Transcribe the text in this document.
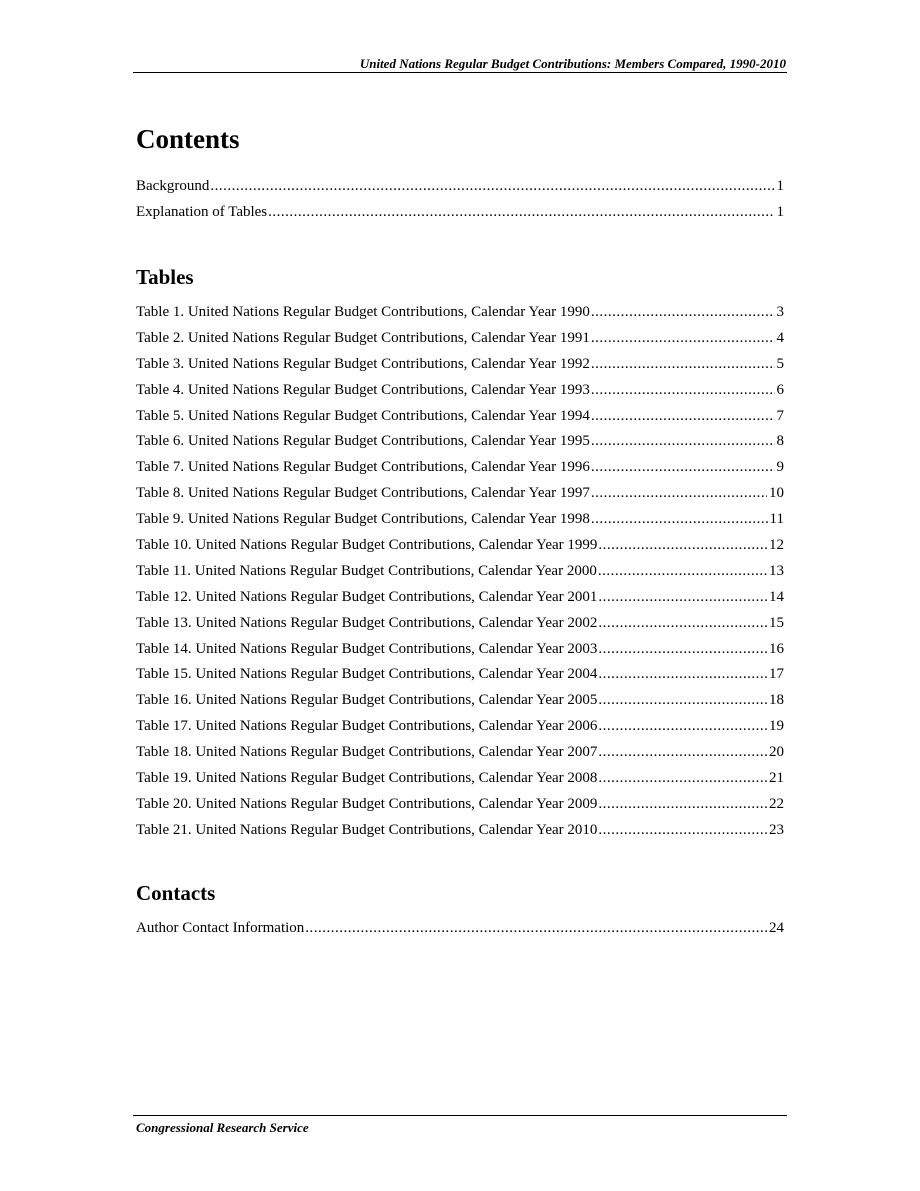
United Nations Regular Budget Contributions: Members Compared, 1990-2010
Contents
Background .....	1
Explanation of Tables .....	1
Tables
Table 1. United Nations Regular Budget Contributions, Calendar Year 1990 .....	3
Table 2. United Nations Regular Budget Contributions, Calendar Year 1991 .....	4
Table 3. United Nations Regular Budget Contributions, Calendar Year 1992 .....	5
Table 4. United Nations Regular Budget Contributions, Calendar Year 1993 .....	6
Table 5. United Nations Regular Budget Contributions, Calendar Year 1994 .....	7
Table 6. United Nations Regular Budget Contributions, Calendar Year 1995 .....	8
Table 7. United Nations Regular Budget Contributions, Calendar Year 1996 .....	9
Table 8. United Nations Regular Budget Contributions, Calendar Year 1997 .....	10
Table 9. United Nations Regular Budget Contributions, Calendar Year 1998 .....	11
Table 10. United Nations Regular Budget Contributions, Calendar Year 1999 .....	12
Table 11. United Nations Regular Budget Contributions, Calendar Year 2000 .....	13
Table 12. United Nations Regular Budget Contributions, Calendar Year 2001 .....	14
Table 13. United Nations Regular Budget Contributions, Calendar Year 2002 .....	15
Table 14. United Nations Regular Budget Contributions, Calendar Year 2003 .....	16
Table 15. United Nations Regular Budget Contributions, Calendar Year 2004 .....	17
Table 16. United Nations Regular Budget Contributions, Calendar Year 2005 .....	18
Table 17. United Nations Regular Budget Contributions, Calendar Year 2006 .....	19
Table 18. United Nations Regular Budget Contributions, Calendar Year 2007 .....	20
Table 19. United Nations Regular Budget Contributions, Calendar Year 2008 .....	21
Table 20. United Nations Regular Budget Contributions, Calendar Year 2009 .....	22
Table 21. United Nations Regular Budget Contributions, Calendar Year 2010 .....	23
Contacts
Author Contact Information .....	24
Congressional Research Service
